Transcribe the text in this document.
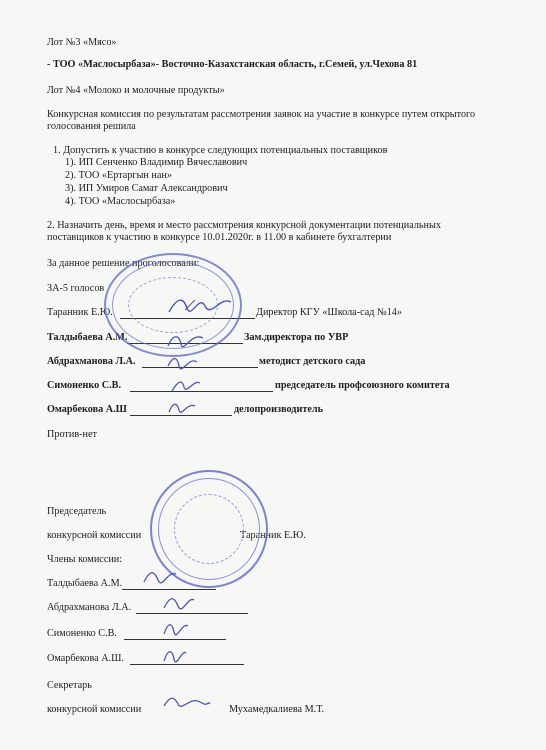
Лот №3 «Мясо»
- ТОО «Маслосырбаза»- Восточно-Казахстанская область, г.Семей, ул.Чехова 81
Лот №4 «Молоко и молочные продукты»
Конкурсная комиссия по результатам рассмотрения заявок на участие в конкурсе путем открытого
голосования решила
1. Допустить к участию в конкурсе следующих потенциальных поставщиков
1). ИП Сенченко Владимир Вячеславович
2). ТОО «Ертаргын нан»
3). ИП Умиров Самат Александрович
4). ТОО «Маслосырбаза»
2. Назначить день, время и место рассмотрения конкурсной документации потенциальных
поставщиков к участию в конкурсе 10.01.2020г. в 11.00 в кабинете бухгалтерии
За данное решение проголосовали:
ЗА-5 голосов
Таранник Е.Ю.	Директор КГУ «Школа-сад №14»
Талдыбаева А.М.	Зам.директора по УВР
Абдрахманова Л.А.	методист детского сада
Симоненко С.В.	председатель профсоюзного комитета
Омарбекова А.Ш	делопроизводитель
Против-нет
Председатель
конкурсной комиссии	Таранник Е.Ю.
Члены комиссии:
Талдыбаева А.М.
Абдрахманова Л.А.
Симоненко С.В.
Омарбекова А.Ш.
Секретарь
конкурсной комиссии	Мухамедкалиева М.Т.
